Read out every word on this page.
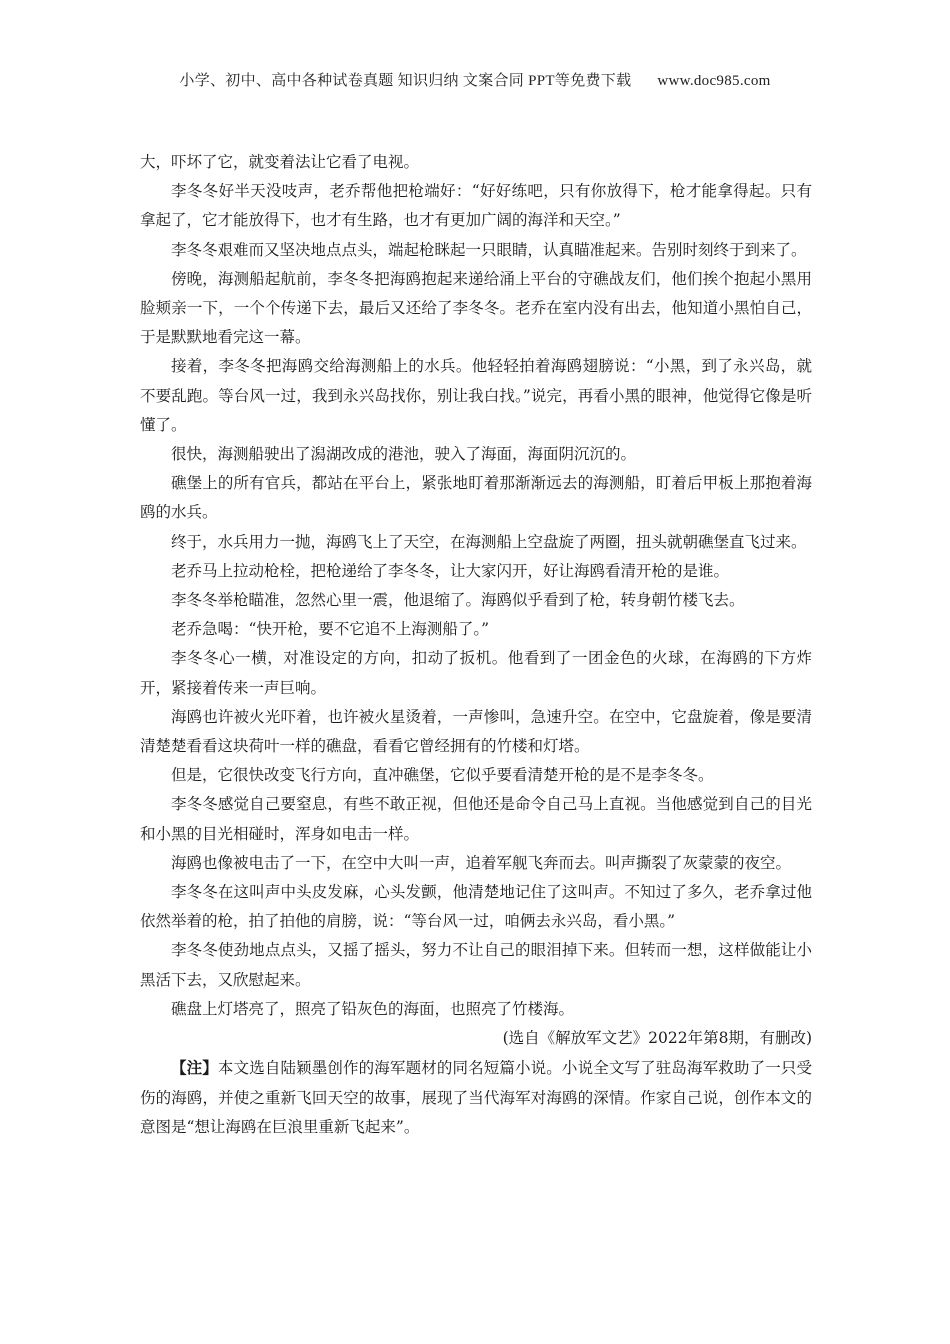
小学、初中、高中各种试卷真题 知识归纳 文案合同 PPT等免费下载 www.doc985.com

大，吓坏了它，就变着法让它看了电视。

李冬冬好半天没吱声，老乔帮他把枪端好：“好好练吧，只有你放得下，枪才能拿得起。只有拿起了，它才能放得下，也才有生路，也才有更加广阔的海洋和天空。”

李冬冬艰难而又坚决地点点头，端起枪眯起一只眼睛，认真瞄准起来。告别时刻终于到来了。

傍晚，海测船起航前，李冬冬把海鸥抱起来递给涌上平台的守礁战友们，他们挨个抱起小黑用脸颊亲一下，一个个传递下去，最后又还给了李冬冬。老乔在室内没有出去，他知道小黑怕自己，于是默默地看完这一幕。

接着，李冬冬把海鸥交给海测船上的水兵。他轻轻拍着海鸥翅膀说：“小黑，到了永兴岛，就不要乱跑。等台风一过，我到永兴岛找你，别让我白找。”说完，再看小黑的眼神，他觉得它像是听懂了。

很快，海测船驶出了潟湖改成的港池，驶入了海面，海面阴沉沉的。

礁堡上的所有官兵，都站在平台上，紧张地盯着那渐渐远去的海测船，盯着后甲板上那抱着海鸥的水兵。

终于，水兵用力一抛，海鸥飞上了天空，在海测船上空盘旋了两圈，扭头就朝礁堡直飞过来。

老乔马上拉动枪栓，把枪递给了李冬冬，让大家闪开，好让海鸥看清开枪的是谁。

李冬冬举枪瞄准，忽然心里一震，他退缩了。海鸥似乎看到了枪，转身朝竹楼飞去。

老乔急喝：“快开枪，要不它追不上海测船了。”

李冬冬心一横，对准设定的方向，扣动了扳机。他看到了一团金色的火球，在海鸥的下方炸开，紧接着传来一声巨响。

海鸥也许被火光吓着，也许被火星烫着，一声惨叫，急速升空。在空中，它盘旋着，像是要清清楚楚看看这块荷叶一样的礁盘，看看它曾经拥有的竹楼和灯塔。

但是，它很快改变飞行方向，直冲礁堡，它似乎要看清楚开枪的是不是李冬冬。

李冬冬感觉自己要窒息，有些不敢正视，但他还是命令自己马上直视。当他感觉到自己的目光和小黑的目光相碰时，浑身如电击一样。

海鸥也像被电击了一下，在空中大叫一声，追着军舰飞奔而去。叫声撕裂了灰蒙蒙的夜空。

李冬冬在这叫声中头皮发麻，心头发颤，他清楚地记住了这叫声。不知过了多久，老乔拿过他依然举着的枪，拍了拍他的肩膀，说：“等台风一过，咱俩去永兴岛，看小黑。”

李冬冬使劲地点点头，又摇了摇头，努力不让自己的眼泪掉下来。但转而一想，这样做能让小黑活下去，又欣慰起来。

礁盘上灯塔亮了，照亮了铅灰色的海面，也照亮了竹楼海。

(选自《解放军文艺》2022年第8期，有删改)

【注】本文选自陆颖墨创作的海军题材的同名短篇小说。小说全文写了驻岛海军救助了一只受伤的海鸥，并使之重新飞回天空的故事，展现了当代海军对海鸥的深情。作家自己说，创作本文的意图是“想让海鸥在巨浪里重新飞起来”。
